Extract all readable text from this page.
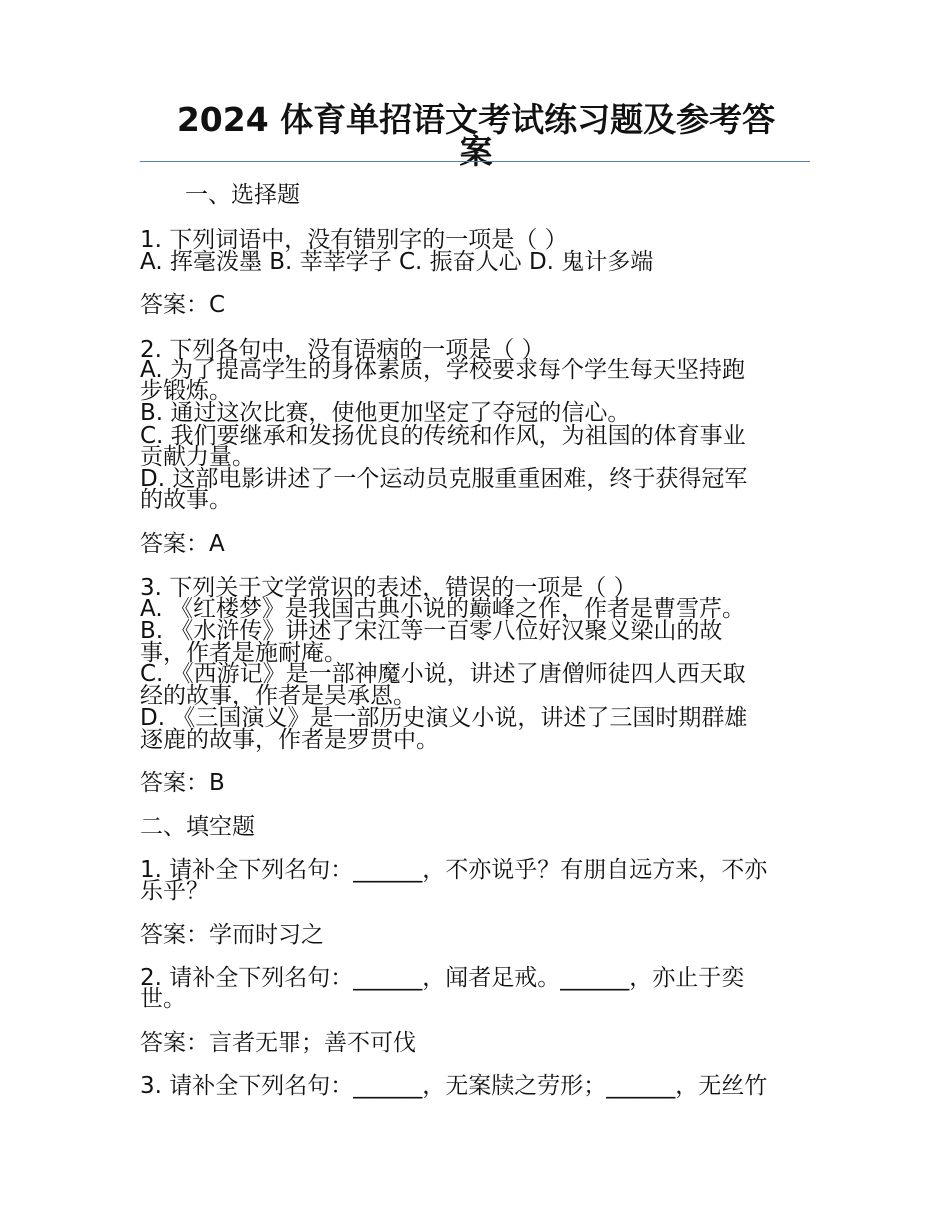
2024 体育单招语文考试练习题及参考答
案
一、选择题
1. 下列词语中，没有错别字的一项是（ ）
A. 挥毫泼墨 B. 莘莘学子 C. 振奋人心 D. 鬼计多端
答案：C
2. 下列各句中，没有语病的一项是（ ）
A. 为了提高学生的身体素质，学校要求每个学生每天坚持跑
步锻炼。
B. 通过这次比赛，使他更加坚定了夺冠的信心。
C. 我们要继承和发扬优良的传统和作风，为祖国的体育事业
贡献力量。
D. 这部电影讲述了一个运动员克服重重困难，终于获得冠军
的故事。
答案：A
3. 下列关于文学常识的表述，错误的一项是（ ）
A. 《红楼梦》是我国古典小说的巅峰之作，作者是曹雪芹。
B. 《水浒传》讲述了宋江等一百零八位好汉聚义梁山的故
事，作者是施耐庵。
C. 《西游记》是一部神魔小说，讲述了唐僧师徒四人西天取
经的故事，作者是吴承恩。
D. 《三国演义》是一部历史演义小说，讲述了三国时期群雄
逐鹿的故事，作者是罗贯中。
答案：B
二、填空题
1. 请补全下列名句：______，不亦说乎？有朋自远方来，不亦
乐乎？
答案：学而时习之
2. 请补全下列名句：______，闻者足戒。______，亦止于奕
世。
答案：言者无罪；善不可伐
3. 请补全下列名句：______，无案牍之劳形；______，无丝竹
